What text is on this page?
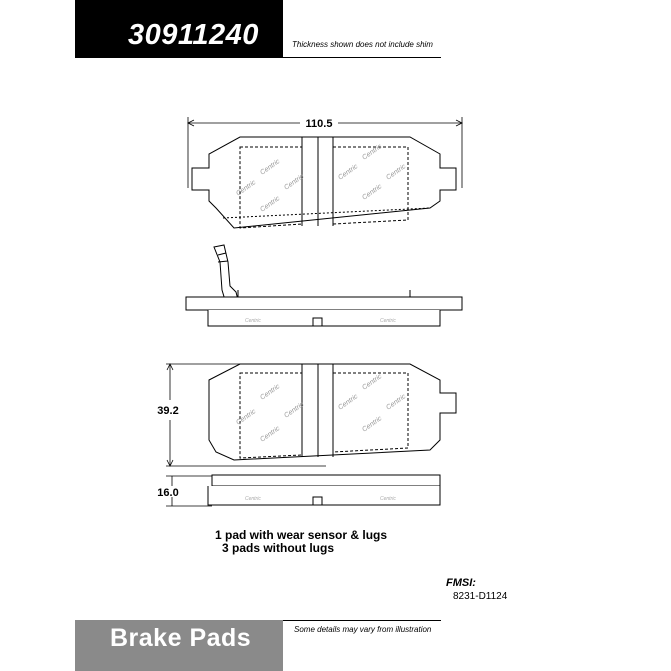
30911240	Thickness shown does not include shim
110.5
Centric
Centric
Centric
Centric
Centric
Centric
Centric
Centric
Centric	Centric
39.2	Centric
Centric
Centric
Centric	Centric
Centric
Centric
Centric
16.0	Centric	Centric
1 pad with wear sensor & lugs
3 pads without lugs
FMSI:
8231-D1124
Brake Pads	Some details may vary from illustration
